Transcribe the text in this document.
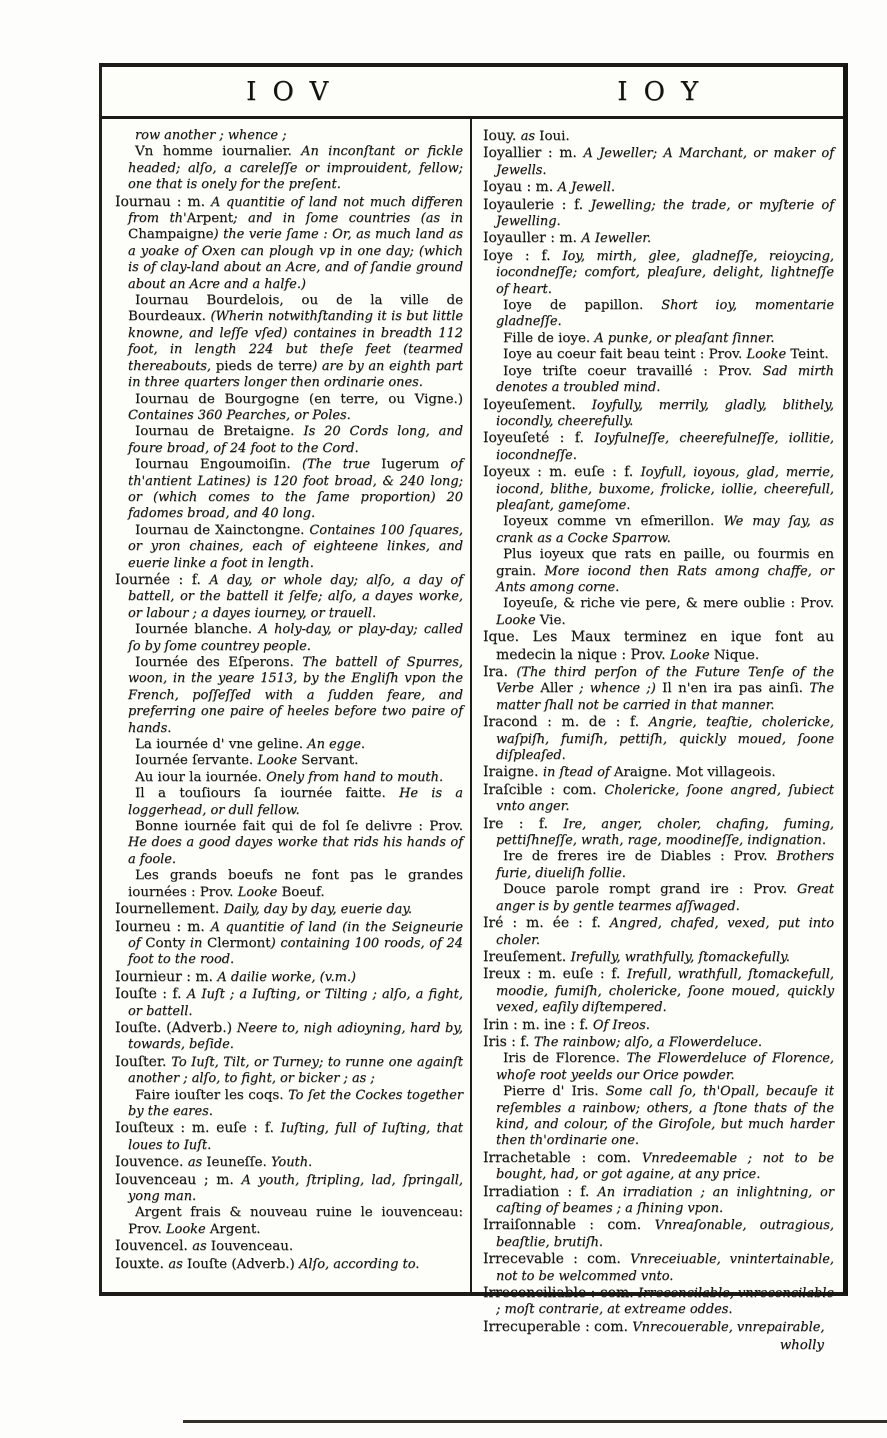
IOV	IOY

row another ; whence ;

Vn homme iournalier. An inconſtant or fickle headed; alſo, a careleſſe or improuident, fellow; one that is onely for the preſent.

Iournau : m. A quantitie of land not much differen from th'Arpent; and in ſome countries (as in Champaigne) the verie ſame : Or, as much land as a yoake of Oxen can plough vp in one day; (which is of clay-land about an Acre, and of ſandie ground about an Acre and a halfe.)

Iournau Bourdelois, ou de la ville de Bourdeaux. (Wherin notwithſtanding it is but little knowne, and leſſe vſed) containes in breadth 112 foot, in length 224 but theſe feet (tearmed thereabouts, pieds de terre) are by an eighth part in three quarters longer then ordinarie ones.

Iournau de Bourgogne (en terre, ou Vigne.) Containes 360 Pearches, or Poles.

Iournau de Bretaigne. Is 20 Cords long, and foure broad, of 24 foot to the Cord.

Iournau Engoumoiſin. (The true Iugerum of th'antient Latines) is 120 foot broad, & 240 long; or (which comes to the ſame proportion) 20 fadomes broad, and 40 long.

Iournau de Xainctongne. Containes 100 ſquares, or yron chaines, each of eighteene linkes, and euerie linke a foot in length.

Iournée : f. A day, or whole day; alſo, a day of battell, or the battell it ſelfe; alſo, a dayes worke, or labour ; a dayes iourney, or trauell.

Iournée blanche. A holy-day, or play-day; called ſo by ſome countrey people.

Iournée des Eſperons. The battell of Spurres, woon, in the yeare 1513, by the Engliſh vpon the French, poſſeſſed with a ſudden feare, and preferring one paire of heeles before two paire of hands.

La iournée d' vne geline. An egge.

Iournée ſervante. Looke Servant.

Au iour la iournée. Onely from hand to mouth.

Il a touſiours ſa iournée faitte. He is a loggerhead, or dull fellow.

Bonne iournée fait qui de fol ſe delivre : Prov. He does a good dayes worke that rids his hands of a foole.

Les grands boeufs ne font pas le grandes iournées : Prov. Looke Boeuf.

Iournellement. Daily, day by day, euerie day.

Iourneu : m. A quantitie of land (in the Seigneurie of Conty in Clermont) containing 100 roods, of 24 foot to the rood.

Iournieur : m. A dailie worke, (v.m.)

Iouſte : f. A Iuſt ; a Iuſting, or Tilting ; alſo, a fight, or battell.

Iouſte. (Adverb.) Neere to, nigh adioyning, hard by, towards, beſide.

Iouſter. To Iuſt, Tilt, or Turney; to runne one againſt another ; alſo, to fight, or bicker ; as ;

Faire iouſter les coqs. To ſet the Cockes together by the eares.

Iouſteux : m. euſe : f. Iuſting, full of Iuſting, that loues to Iuſt.

Iouvence. as Ieuneſſe. Youth.

Iouvenceau ; m. A youth, ſtripling, lad, ſpringall, yong man.

Argent frais & nouveau ruine le iouvenceau: Prov. Looke Argent.

Iouvencel. as Iouvenceau.

Iouxte. as Iouſte (Adverb.) Alſo, according to.

Iouy. as Ioui.

Ioyallier : m. A Jeweller; A Marchant, or maker of Jewells.

Ioyau : m. A Jewell.

Ioyaulerie : f. Jewelling; the trade, or myſterie of Jewelling.

Ioyauller : m. A Ieweller.

Ioye : f. Ioy, mirth, glee, gladneſſe, reioycing, iocondneſſe; comfort, pleaſure, delight, lightneſſe of heart.

Ioye de papillon. Short ioy, momentarie gladneſſe.

Fille de ioye. A punke, or pleaſant ſinner.

Ioye au coeur fait beau teint : Prov. Looke Teint.

Ioye triſte coeur travaillé : Prov. Sad mirth denotes a troubled mind.

Ioyeuſement. Ioyfully, merrily, gladly, blithely, iocondly, cheerefully.

Ioyeuſeté : f. Ioyfulneſſe, cheerefulneſſe, iollitie, iocondneſſe.

Ioyeux : m. euſe : f. Ioyfull, ioyous, glad, merrie, iocond, blithe, buxome, frolicke, iollie, cheerefull, pleaſant, gameſome.

Ioyeux comme vn eſmerillon. We may ſay, as crank as a Cocke Sparrow.

Plus ioyeux que rats en paille, ou fourmis en grain. More iocond then Rats among chaffe, or Ants among corne.

Ioyeuſe, & riche vie pere, & mere oublie : Prov. Looke Vie.

Ique. Les Maux terminez en ique font au medecin la nique : Prov. Looke Nique.

Ira. (The third perſon of the Future Tenſe of the Verbe Aller ; whence ;) Il n'en ira pas ainſi. The matter ſhall not be carried in that manner.

Iracond : m. de : f. Angrie, teaſtie, cholericke, waſpiſh, fumiſh, pettiſh, quickly moued, ſoone diſpleaſed.

Iraigne. in ſtead of Araigne. Mot villageois.

Iraſcible : com. Cholericke, ſoone angred, ſubiect vnto anger.

Ire : f. Ire, anger, choler, chafing, fuming, pettiſhneſſe, wrath, rage, moodineſſe, indignation.

Ire de freres ire de Diables : Prov. Brothers furie, diueliſh follie.

Douce parole rompt grand ire : Prov. Great anger is by gentle tearmes aſſwaged.

Iré : m. ée : f. Angred, chafed, vexed, put into choler.

Ireuſement. Irefully, wrathfully, ſtomackefully.

Ireux : m. euſe : f. Irefull, wrathfull, ſtomackefull, moodie, fumiſh, cholericke, ſoone moued, quickly vexed, eaſily diſtempered.

Irin : m. ine : f. Of Ireos.

Iris : f. The rainbow; alſo, a Flowerdeluce.

Iris de Florence. The Flowerdeluce of Florence, whoſe root yeelds our Orice powder.

Pierre d' Iris. Some call ſo, th'Opall, becauſe it reſembles a rainbow; others, a ſtone thats of the kind, and colour, of the Giroſole, but much harder then th'ordinarie one.

Irrachetable : com. Vnredeemable ; not to be bought, had, or got againe, at any price.

Irradiation : f. An irradiation ; an inlightning, or caſting of beames ; a ſhining vpon.

Irraiſonnable : com. Vnreaſonable, outragious, beaſtlie, brutiſh.

Irrecevable : com. Vnreceiuable, vnintertainable, not to be welcommed vnto.

Irreconciliable : com. Irreconcilable, vnreconcilable ; moſt contrarie, at extreame oddes.

Irrecuperable : com. Vnrecouerable, vnrepairable,

wholly
